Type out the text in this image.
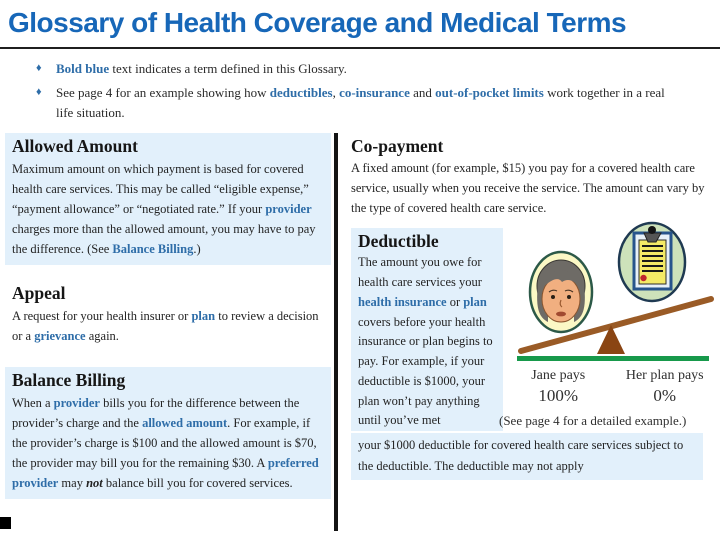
Glossary of Health Coverage and Medical Terms
♦ Bold blue text indicates a term defined in this Glossary.
♦ See page 4 for an example showing how deductibles, co-insurance and out-of-pocket limits work together in a real life situation.
Allowed Amount

Maximum amount on which payment is based for covered health care services. This may be called “eligible expense,” “payment allowance” or “negotiated rate.” If your provider charges more than the allowed amount, you may have to pay the difference. (See Balance Billing.)

Appeal

A request for your health insurer or plan to review a decision or a grievance again.

Balance Billing

When a provider bills you for the difference between the provider’s charge and the allowed amount. For example, if the provider’s charge is $100 and the allowed amount is $70, the provider may bill you for the remaining $30. A preferred provider may not balance bill you for covered services.

Co-payment

A fixed amount (for example, $15) you pay for a covered health care service, usually when you receive the service. The amount can vary by the type of covered health care service.

Deductible

The amount you owe for health care services your health insurance or plan covers before your health insurance or plan begins to pay. For example, if your deductible is $1000, your plan won’t pay anything until you’ve met

Jane pays
100%
Her plan pays
0%
(See page 4 for a detailed example.)

your $1000 deductible for covered health care services subject to the deductible. The deductible may not apply
